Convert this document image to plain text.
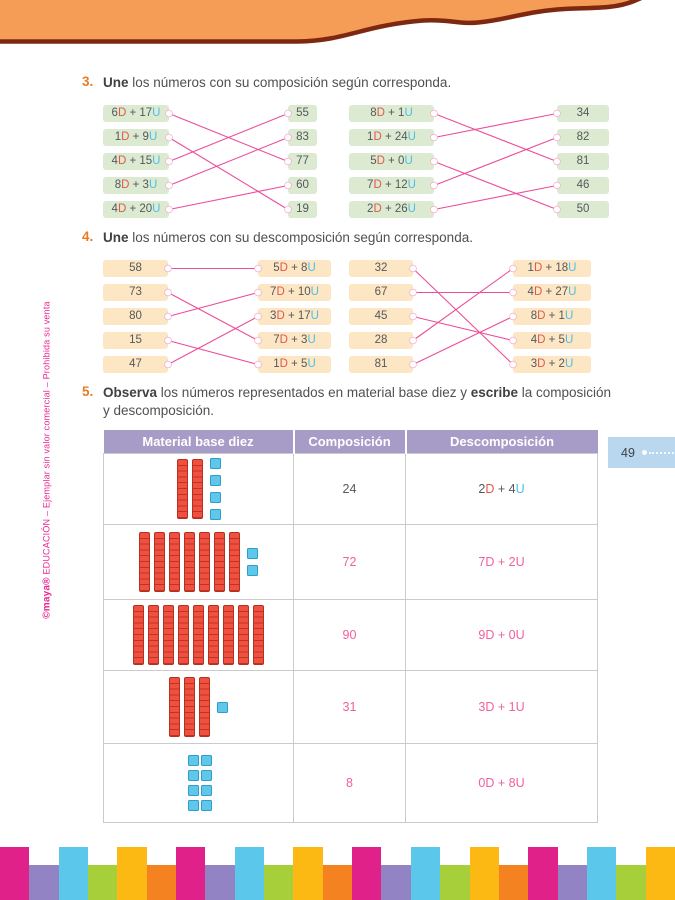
©maya® EDUCACIÓN – Ejemplar sin valor comercial – Prohibida su venta
3. Une los números con su composición según corresponda.

6D + 17U
1D + 9U
4D + 15U
8D + 3U
4D + 20U
55
83
77
60
19
8D + 1U
1D + 24U
5D + 0U
7D + 12U
2D + 26U
34
82
81
46
50
4. Une los números con su descomposición según corresponda.

58
73
80
15
47
5D + 8U
7D + 10U
3D + 17U
7D + 3U
1D + 5U
32
67
45
28
81
1D + 18U
4D + 27U
8D + 1U
4D + 5U
3D + 2U
5. Observa los números representados en material base diez y escribe la composición y descomposición.

Material base diez	Composición	Descomposición

	24	2D + 4U

	72	7D + 2U

	90	9D + 0U

	31	3D + 1U

	8	0D + 8U
49
